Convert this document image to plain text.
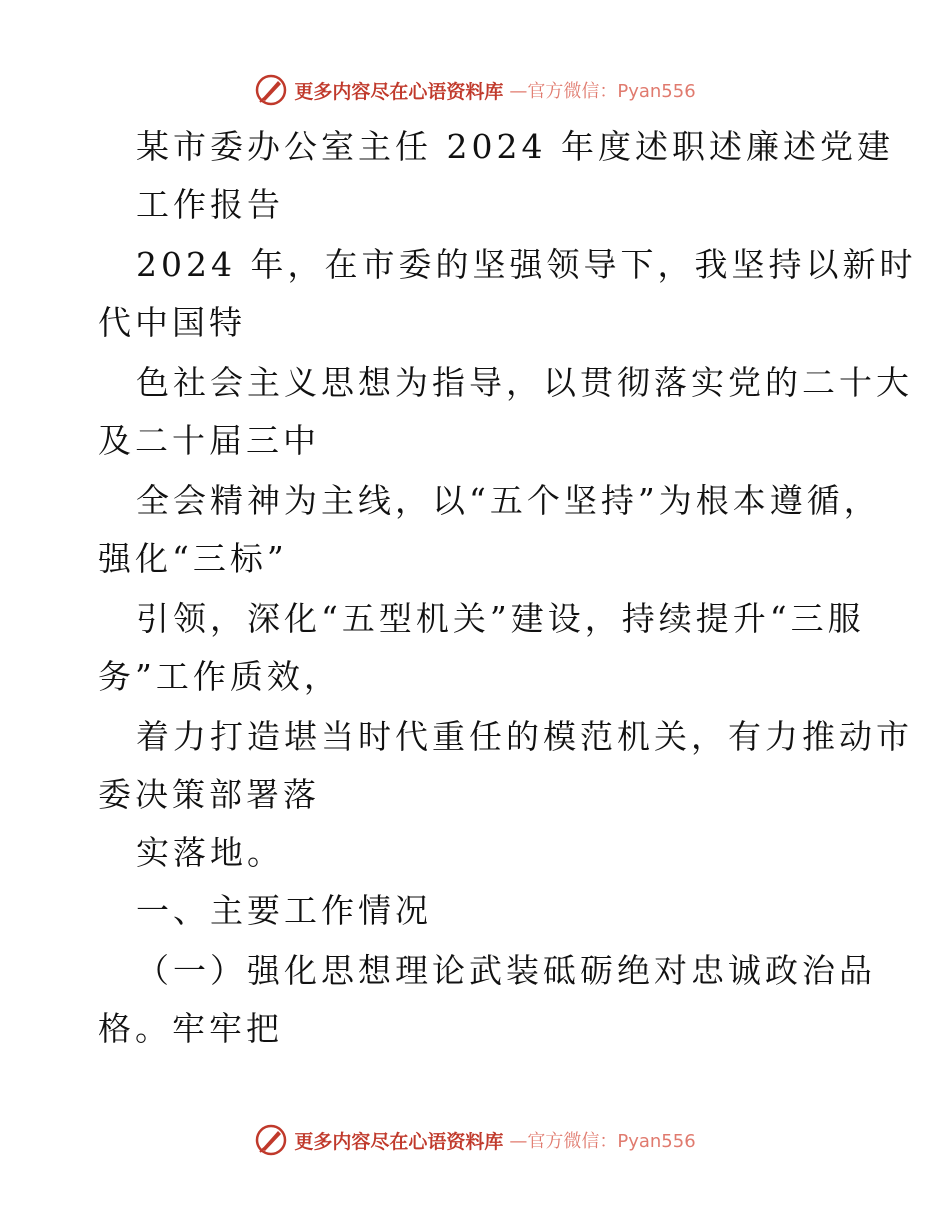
更多内容尽在心语资料库 —官方微信：Pyan556
某市委办公室主任 2024 年度述职述廉述党建
工作报告
2024 年，在市委的坚强领导下，我坚持以新时
代中国特
色社会主义思想为指导，以贯彻落实党的二十大
及二十届三中
全会精神为主线，以“五个坚持”为根本遵循，
强化“三标”
引领，深化“五型机关”建设，持续提升“三服
务”工作质效，
着力打造堪当时代重任的模范机关，有力推动市
委决策部署落
实落地。
一、主要工作情况
（一）强化思想理论武装砥砺绝对忠诚政治品
格。牢牢把
更多内容尽在心语资料库 —官方微信：Pyan556
